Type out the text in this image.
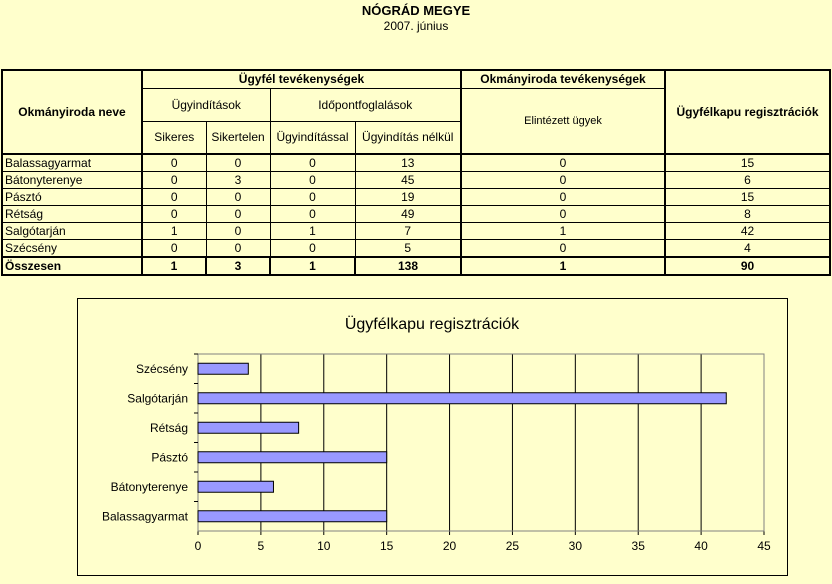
NÓGRÁD MEGYE
2007. június
Okmányiroda neve	Ügyfél tevékenységek				Okmányiroda tevékenységek	Ügyfélkapu regisztrációk
	Ügyindítások		Időpontfoglalások		Elintézett ügyek	
	Sikeres	Sikertelen	Ügyindítással	Ügyindítás nélkül		
Balassagyarmat	0	0	0	13	0	15
Bátonyterenye	0	3	0	45	0	6
Pásztó	0	0	0	19	0	15
Rétság	0	0	0	49	0	8
Salgótarján	1	0	1	7	1	42
Szécsény	0	0	0	5	0	4
Összesen	1	3	1	138	1	90
Ügyfélkapu regisztrációk
0	5	10	15	20	25	30	35	40	45
Balassagyarmat
Bátonyterenye
Pásztó
Rétság
Salgótarján
Szécsény
